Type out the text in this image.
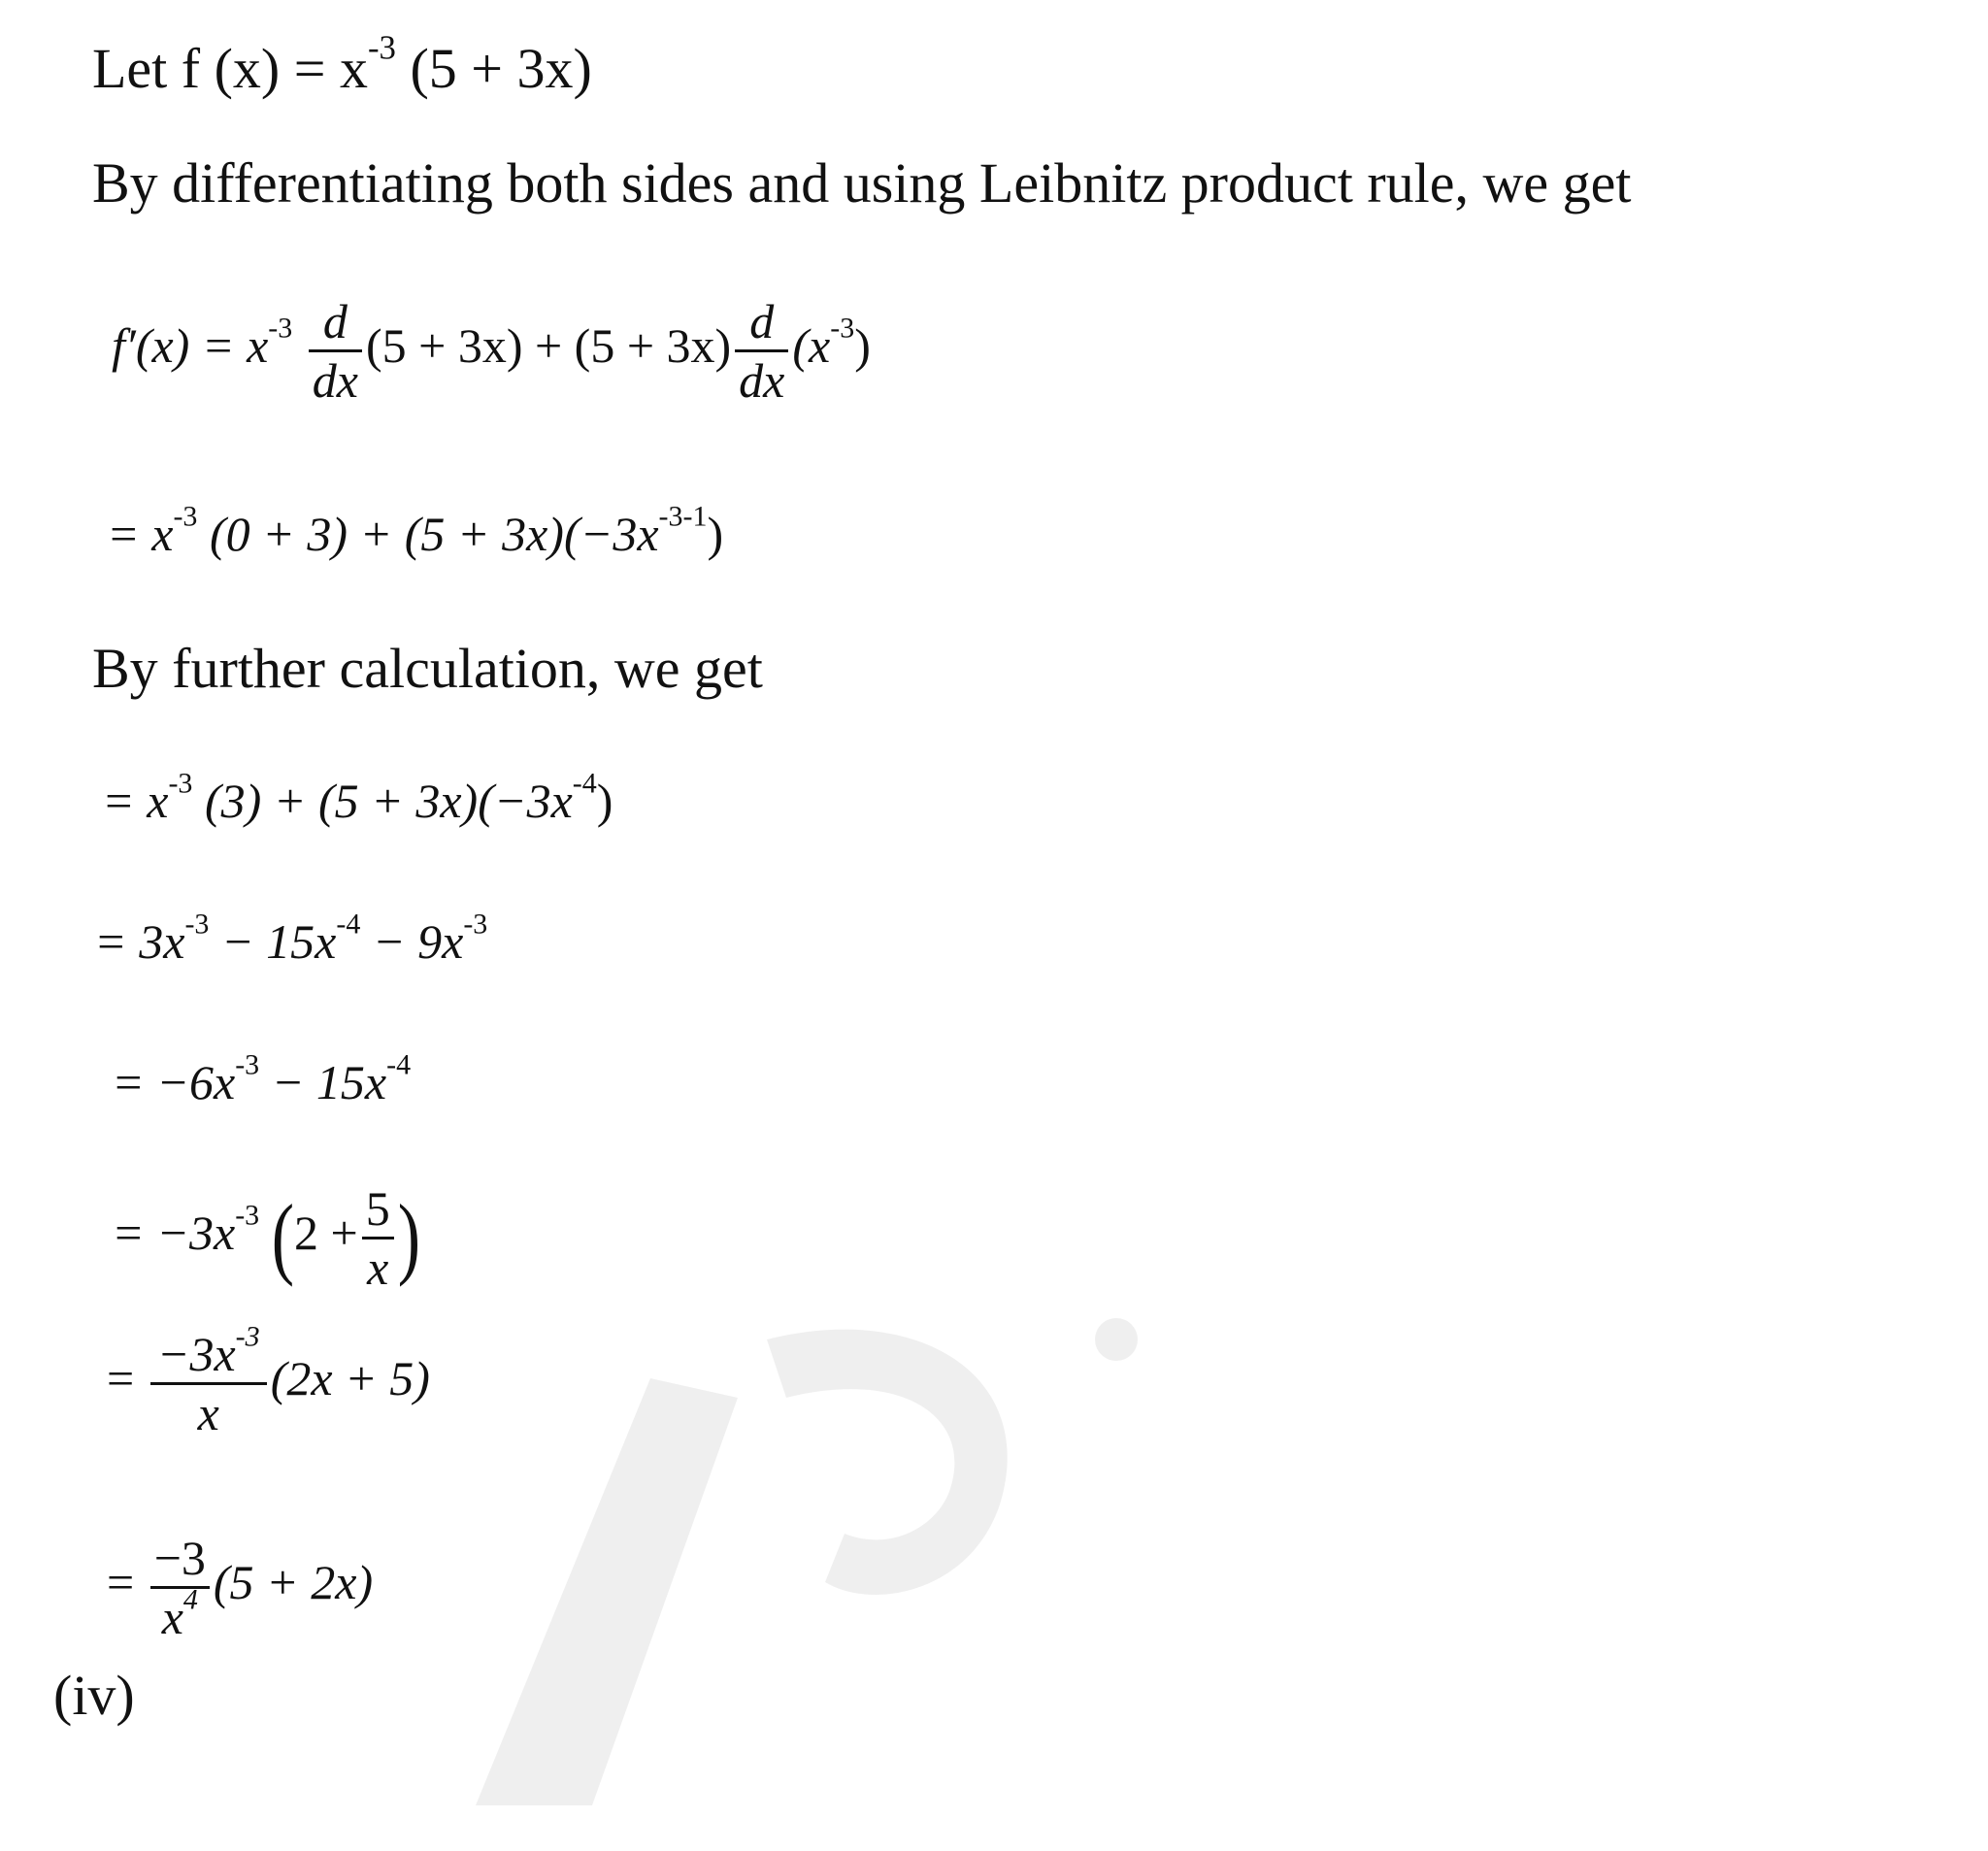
Let f $(x) = x^{-3}$ (5 + 3x)
By differentiating both sides and using Leibnitz product rule, we get
$f'(x) = x^{-3} \frac{d}{dx} (5 + 3x) + (5 + 3x) \frac{d}{dx} (x^{-3})$
= $x^{-3}$ $(0 + 3) + (5 + 3x)(-3x^{-3-1})$
By further calculation, we get
= $x^{-3}$ $(3) + (5 + 3x)(-3x^{-4})$
= $3x^{-3} - 15x^{-4} - 9x^{-3}$
= $-6x^{-3} - 15x^{-4}$
= $-3x^{-3}$ ($2 + \frac{5}{x}$ )
= $\frac{-3x^{-3}}{x} (2x + 5)$
= $\frac{-3}{x^4} (5 + 2x)$
(iv)
